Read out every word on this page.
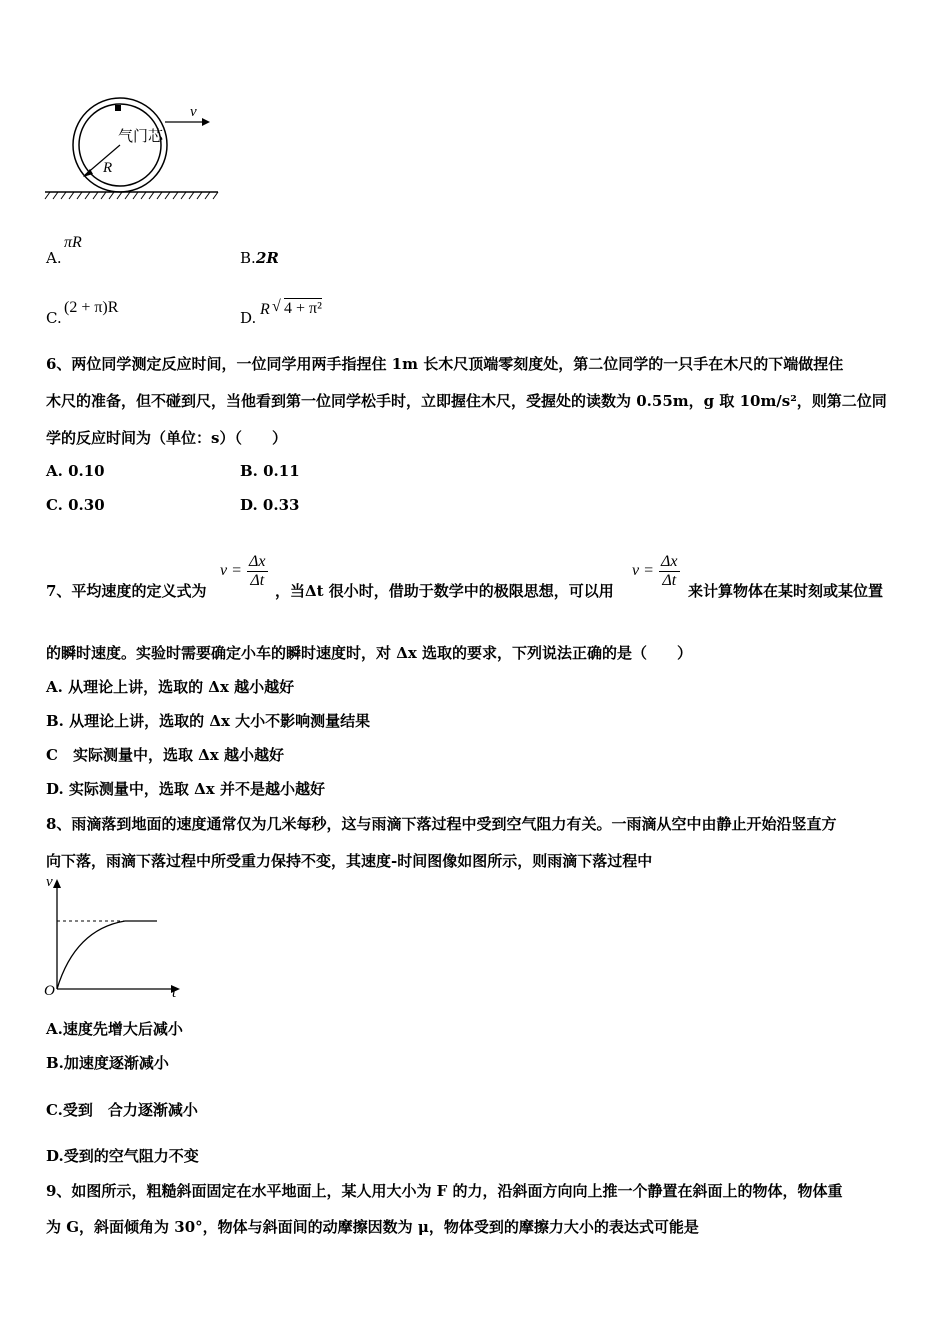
气门芯
v
R
A.
πR
B. 2R
C.
(2 + π)R
D. R √ 4 + π²
6、两位同学测定反应时间，一位同学用两手指捏住 1m 长木尺顶端零刻度处，第二位同学的一只手在木尺的下端做捏住
木尺的准备，但不碰到尺，当他看到第一位同学松手时，立即握住木尺，受握处的读数为 0.55m，g 取 10m/s²，则第二位同
学的反应时间为（单位：s）（　　）
A. 0.10	B. 0.11
C. 0.30	D. 0.33
7、平均速度的定义式为
$v = \frac{\Delta x}{\Delta t}$
，当Δt 很小时，借助于数学中的极限思想，可以用
$v = \frac{\Delta x}{\Delta t}$
来计算物体在某时刻或某位置
的瞬时速度。实验时需要确定小车的瞬时速度时，对 Δx 选取的要求，下列说法正确的是（　　）
A. 从理论上讲，选取的 Δx 越小越好
B. 从理论上讲，选取的 Δx 大小不影响测量结果
C　实际测量中，选取 Δx 越小越好
D. 实际测量中，选取 Δx 并不是越小越好
8、雨滴落到地面的速度通常仅为几米每秒，这与雨滴下落过程中受到空气阻力有关。一雨滴从空中由静止开始沿竖直方
向下落，雨滴下落过程中所受重力保持不变，其速度-时间图像如图所示，则雨滴下落过程中
v
t
O
A.速度先增大后减小
B.加速度逐渐减小
C.受到　合力逐渐减小
D.受到的空气阻力不变
9、如图所示，粗糙斜面固定在水平地面上，某人用大小为 F 的力，沿斜面方向向上推一个静置在斜面上的物体，物体重
为 G，斜面倾角为 30°，物体与斜面间的动摩擦因数为 μ，物体受到的摩擦力大小的表达式可能是
